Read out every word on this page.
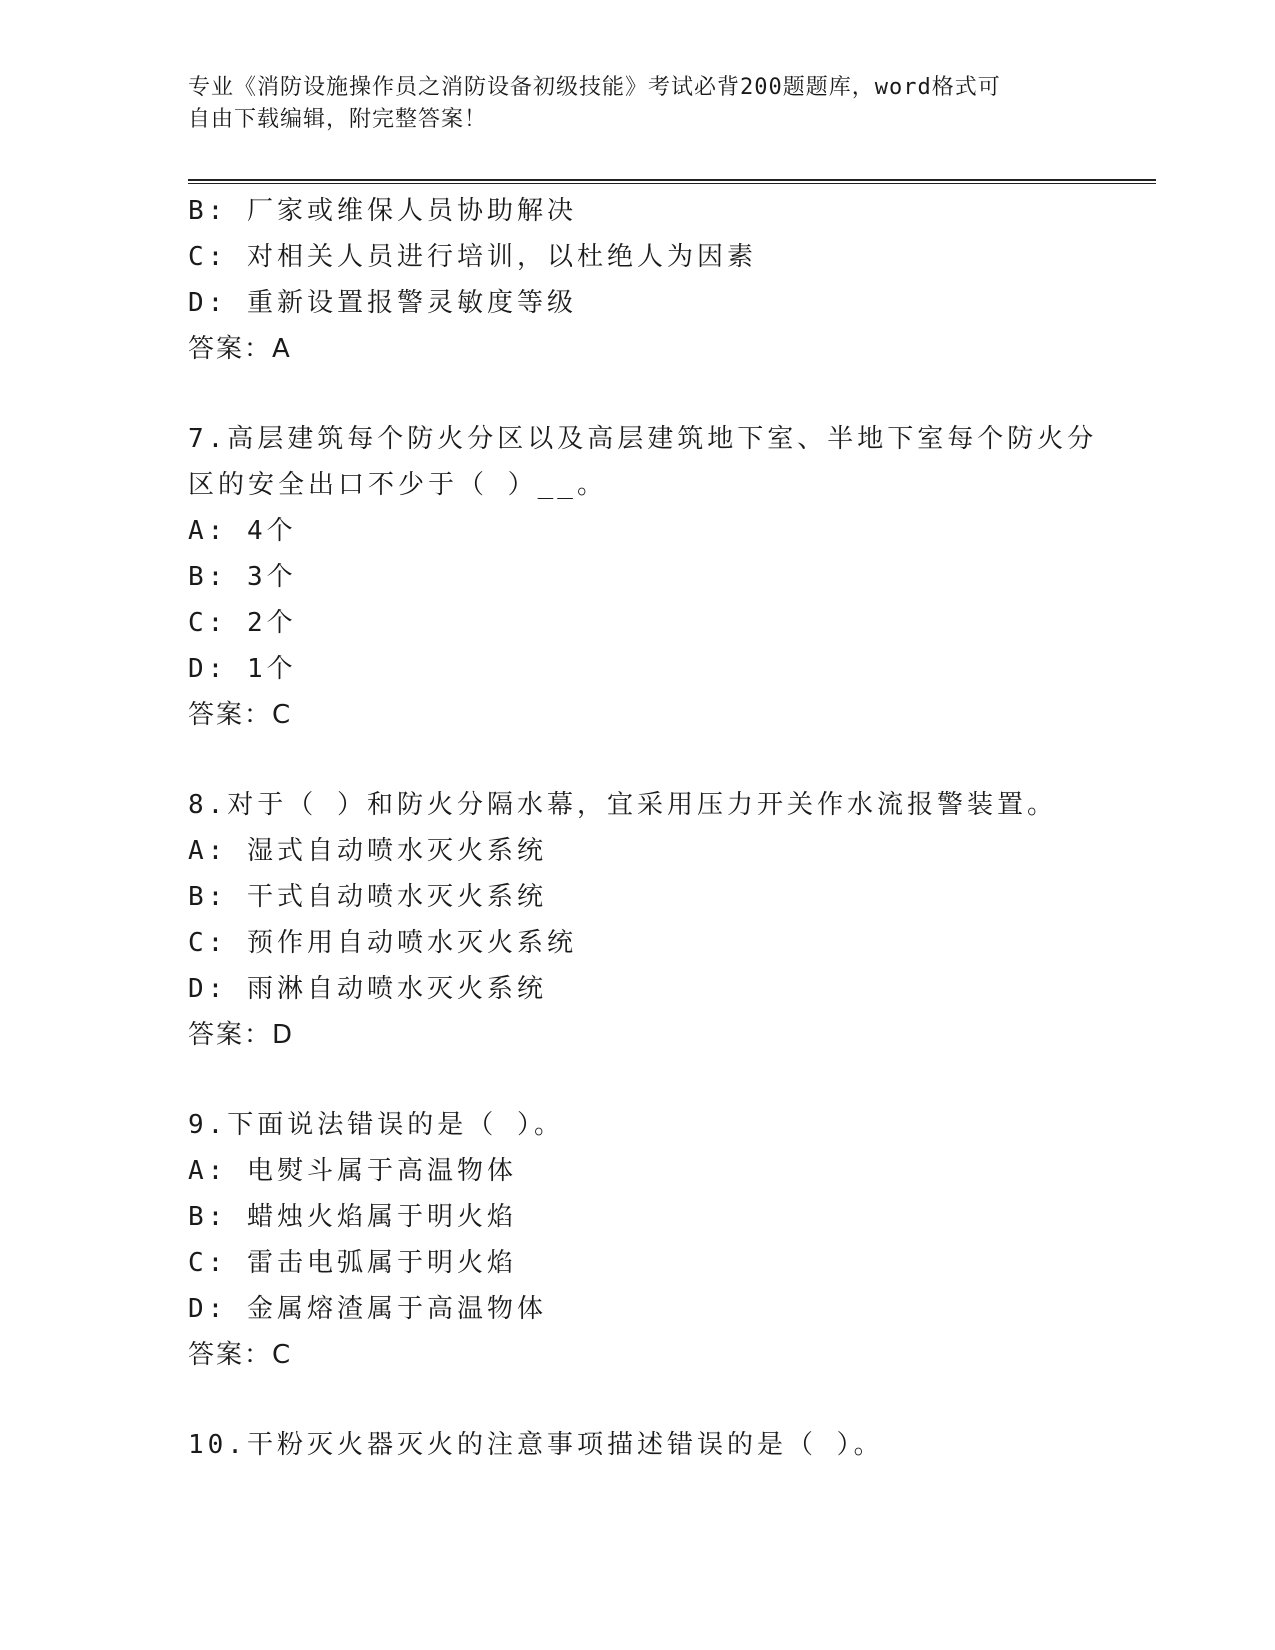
专业《消防设施操作员之消防设备初级技能》考试必背200题题库，word格式可
自由下载编辑，附完整答案！
B: 厂家或维保人员协助解决
C: 对相关人员进行培训，以杜绝人为因素
D: 重新设置报警灵敏度等级
答案：A
7.高层建筑每个防火分区以及高层建筑地下室、半地下室每个防火分
区的安全出口不少于（ ）__。
A: 4个
B: 3个
C: 2个
D: 1个
答案：C
8.对于（ ）和防火分隔水幕，宜采用压力开关作水流报警装置。
A: 湿式自动喷水灭火系统
B: 干式自动喷水灭火系统
C: 预作用自动喷水灭火系统
D: 雨淋自动喷水灭火系统
答案：D
9.下面说法错误的是（ ）。
A: 电熨斗属于高温物体
B: 蜡烛火焰属于明火焰
C: 雷击电弧属于明火焰
D: 金属熔渣属于高温物体
答案：C
10.干粉灭火器灭火的注意事项描述错误的是（ ）。
